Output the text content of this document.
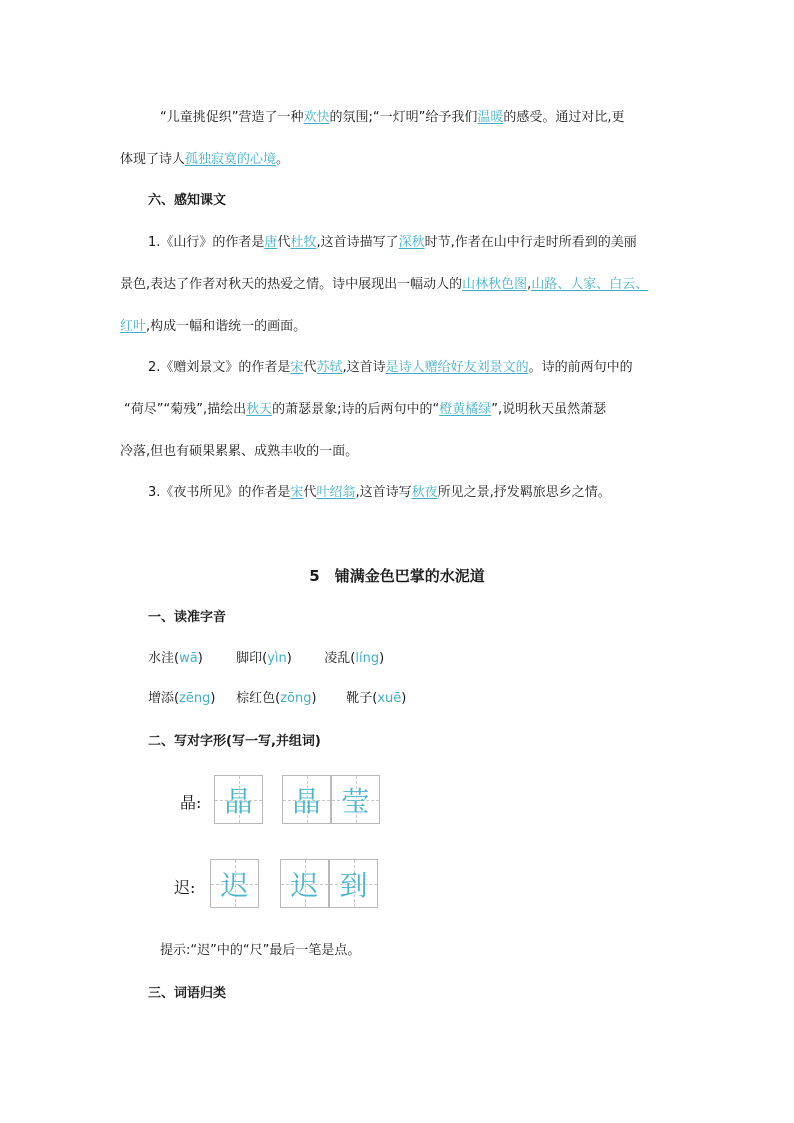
“儿童挑促织”营造了一种欢快的氛围;“一灯明”给予我们温暖的感受。通过对比,更
体现了诗人孤独寂寞的心境。
六、感知课文
1.《山行》的作者是唐代杜牧,这首诗描写了深秋时节,作者在山中行走时所看到的美丽
景色,表达了作者对秋天的热爱之情。诗中展现出一幅动人的山林秋色图,山路、人家、白云、
红叶,构成一幅和谐统一的画面。
2.《赠刘景文》的作者是宋代苏轼,这首诗是诗人赠给好友刘景文的。诗的前两句中的
“荷尽”“菊残”,描绘出秋天的萧瑟景象;诗的后两句中的“橙黄橘绿”,说明秋天虽然萧瑟
冷落,但也有硕果累累、成熟丰收的一面。
3.《夜书所见》的作者是宋代叶绍翁,这首诗写秋夜所见之景,抒发羁旅思乡之情。
5　铺满金色巴掌的水泥道
一、读准字音
水洼(wā)	脚印(yìn) 凌乱(líng)
增添(zēng) 棕红色(zōng) 靴子(xuē)
二、写对字形(写一写,并组词)
晶: 晶	晶 莹
迟: 迟	迟 到
提示:“迟”中的“尺”最后一笔是点。
三、词语归类
